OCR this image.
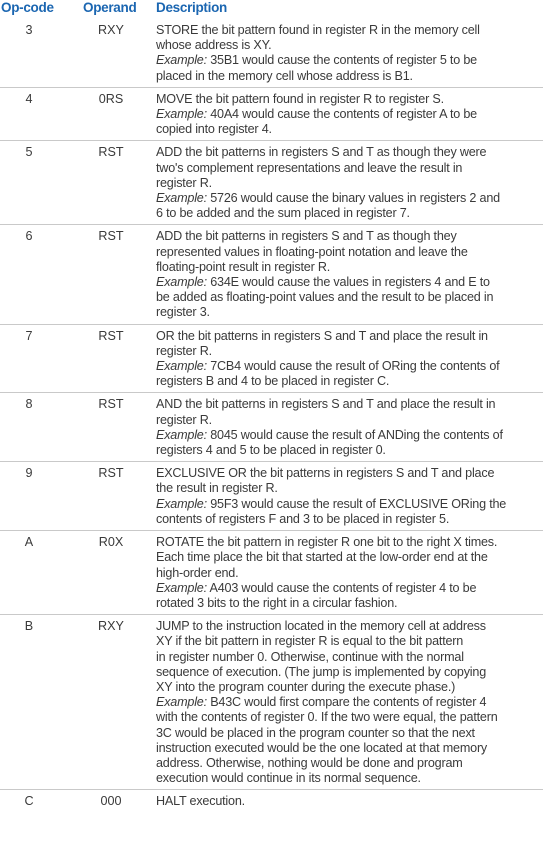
Op-code Operand Description
3	RXY	STORE the bit pattern found in register R in the memory cell
whose address is XY.
Example: 35B1 would cause the contents of register 5 to be
placed in the memory cell whose address is B1.
4	0RS	MOVE the bit pattern found in register R to register S.
Example: 40A4 would cause the contents of register A to be
copied into register 4.
5	RST	ADD the bit patterns in registers S and T as though they were
two's complement representations and leave the result in
register R.
Example: 5726 would cause the binary values in registers 2 and
6 to be added and the sum placed in register 7.
6	RST	ADD the bit patterns in registers S and T as though they
represented values in floating-point notation and leave the
floating-point result in register R.
Example: 634E would cause the values in registers 4 and E to
be added as floating-point values and the result to be placed in
register 3.
7	RST	OR the bit patterns in registers S and T and place the result in
register R.
Example: 7CB4 would cause the result of ORing the contents of
registers B and 4 to be placed in register C.
8	RST	AND the bit patterns in registers S and T and place the result in
register R.
Example: 8045 would cause the result of ANDing the contents of
registers 4 and 5 to be placed in register 0.
9	RST	EXCLUSIVE OR the bit patterns in registers S and T and place
the result in register R.
Example: 95F3 would cause the result of EXCLUSIVE ORing the
contents of registers F and 3 to be placed in register 5.
A	R0X	ROTATE the bit pattern in register R one bit to the right X times.
Each time place the bit that started at the low-order end at the
high-order end.
Example: A403 would cause the contents of register 4 to be
rotated 3 bits to the right in a circular fashion.
B	RXY	JUMP to the instruction located in the memory cell at address
XY if the bit pattern in register R is equal to the bit pattern
in register number 0. Otherwise, continue with the normal
sequence of execution. (The jump is implemented by copying
XY into the program counter during the execute phase.)
Example: B43C would first compare the contents of register 4
with the contents of register 0. If the two were equal, the pattern
3C would be placed in the program counter so that the next
instruction executed would be the one located at that memory
address. Otherwise, nothing would be done and program
execution would continue in its normal sequence.
C	000	HALT execution.
